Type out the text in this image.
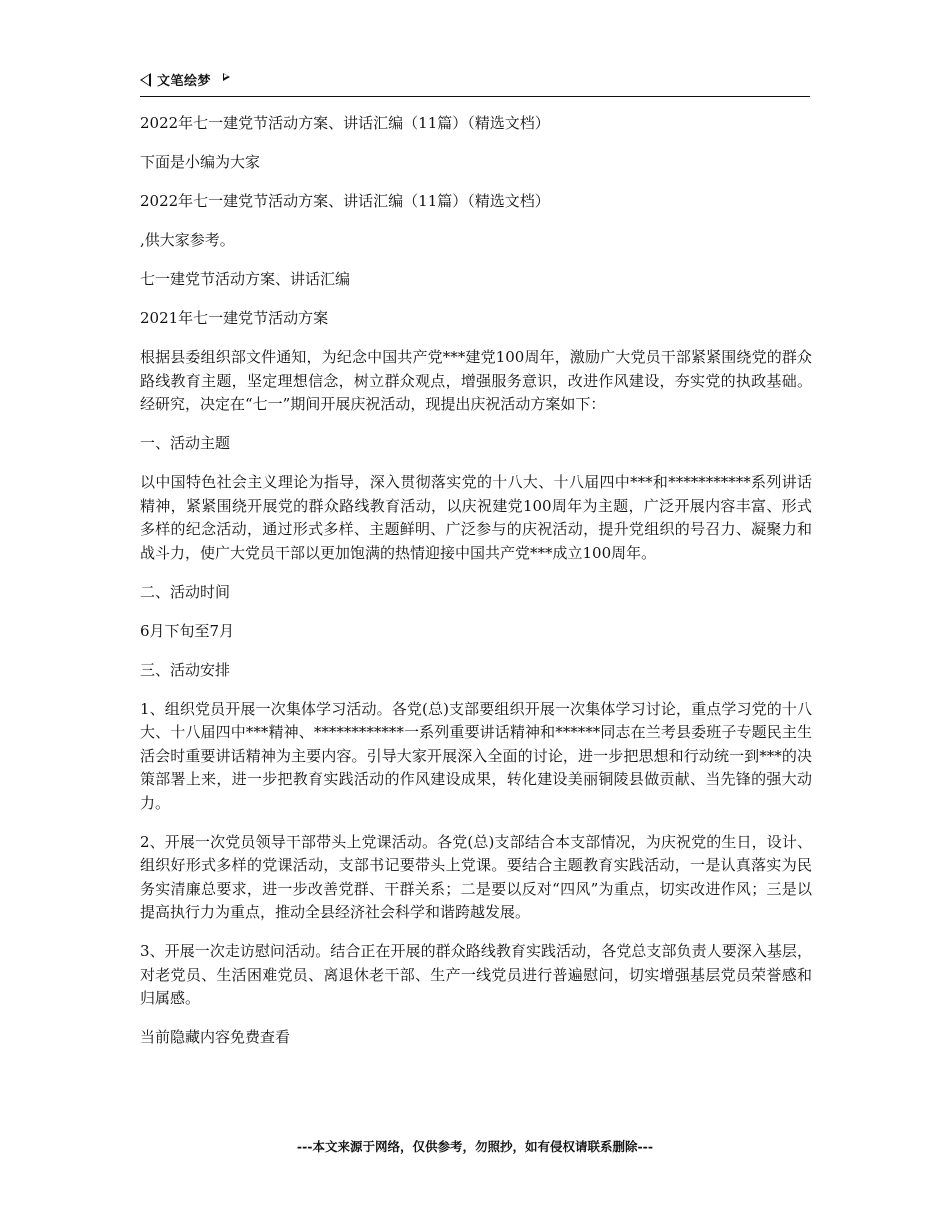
文笔绘梦

2022年七一建党节活动方案、讲话汇编（11篇）（精选文档）

下面是小编为大家

2022年七一建党节活动方案、讲话汇编（11篇）（精选文档）

,供大家参考。

七一建党节活动方案、讲话汇编

2021年七一建党节活动方案

根据县委组织部文件通知，为纪念中国共产党***建党100周年，激励广大党员干部紧紧围绕党的群众路线教育主题，坚定理想信念，树立群众观点，增强服务意识，改进作风建设，夯实党的执政基础。经研究，决定在“七一”期间开展庆祝活动，现提出庆祝活动方案如下：

一、活动主题

以中国特色社会主义理论为指导，深入贯彻落实党的十八大、十八届四中***和***********系列讲话精神，紧紧围绕开展党的群众路线教育活动，以庆祝建党100周年为主题，广泛开展内容丰富、形式多样的纪念活动，通过形式多样、主题鲜明、广泛参与的庆祝活动，提升党组织的号召力、凝聚力和战斗力，使广大党员干部以更加饱满的热情迎接中国共产党***成立100周年。

二、活动时间

6月下旬至7月

三、活动安排

1、组织党员开展一次集体学习活动。各党(总)支部要组织开展一次集体学习讨论，重点学习党的十八大、十八届四中***精神、************一系列重要讲话精神和******同志在兰考县委班子专题民主生活会时重要讲话精神为主要内容。引导大家开展深入全面的讨论，进一步把思想和行动统一到***的决策部署上来，进一步把教育实践活动的作风建设成果，转化建设美丽铜陵县做贡献、当先锋的强大动力。

2、开展一次党员领导干部带头上党课活动。各党(总)支部结合本支部情况，为庆祝党的生日，设计、组织好形式多样的党课活动，支部书记要带头上党课。要结合主题教育实践活动，一是认真落实为民务实清廉总要求，进一步改善党群、干群关系；二是要以反对“四风”为重点，切实改进作风；三是以提高执行力为重点，推动全县经济社会科学和谐跨越发展。

3、开展一次走访慰问活动。结合正在开展的群众路线教育实践活动，各党总支部负责人要深入基层，对老党员、生活困难党员、离退休老干部、生产一线党员进行普遍慰问，切实增强基层党员荣誉感和归属感。

当前隐藏内容免费查看

---本文来源于网络，仅供参考，勿照抄，如有侵权请联系删除---
